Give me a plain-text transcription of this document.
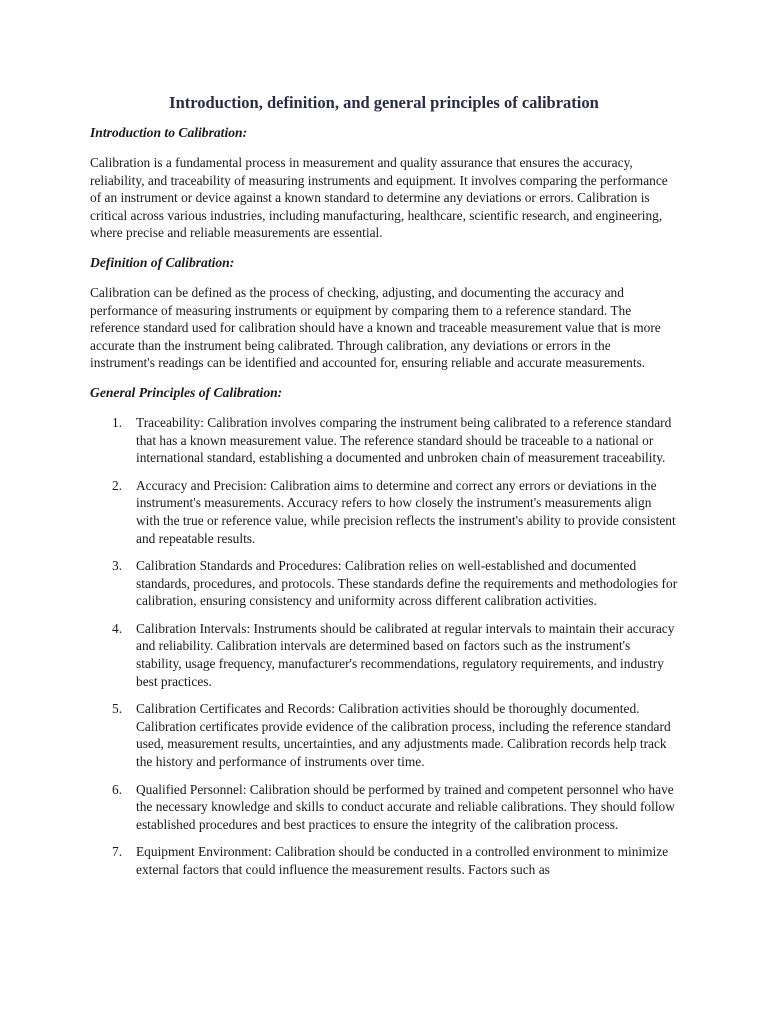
Introduction, definition, and general principles of calibration
Introduction to Calibration:

Calibration is a fundamental process in measurement and quality assurance that ensures the accuracy, reliability, and traceability of measuring instruments and equipment. It involves comparing the performance of an instrument or device against a known standard to determine any deviations or errors. Calibration is critical across various industries, including manufacturing, healthcare, scientific research, and engineering, where precise and reliable measurements are essential.

Definition of Calibration:

Calibration can be defined as the process of checking, adjusting, and documenting the accuracy and performance of measuring instruments or equipment by comparing them to a reference standard. The reference standard used for calibration should have a known and traceable measurement value that is more accurate than the instrument being calibrated. Through calibration, any deviations or errors in the instrument's readings can be identified and accounted for, ensuring reliable and accurate measurements.

General Principles of Calibration:
1. Traceability: Calibration involves comparing the instrument being calibrated to a reference standard that has a known measurement value. The reference standard should be traceable to a national or international standard, establishing a documented and unbroken chain of measurement traceability.
2. Accuracy and Precision: Calibration aims to determine and correct any errors or deviations in the instrument's measurements. Accuracy refers to how closely the instrument's measurements align with the true or reference value, while precision reflects the instrument's ability to provide consistent and repeatable results.
3. Calibration Standards and Procedures: Calibration relies on well-established and documented standards, procedures, and protocols. These standards define the requirements and methodologies for calibration, ensuring consistency and uniformity across different calibration activities.
4. Calibration Intervals: Instruments should be calibrated at regular intervals to maintain their accuracy and reliability. Calibration intervals are determined based on factors such as the instrument's stability, usage frequency, manufacturer's recommendations, regulatory requirements, and industry best practices.
5. Calibration Certificates and Records: Calibration activities should be thoroughly documented. Calibration certificates provide evidence of the calibration process, including the reference standard used, measurement results, uncertainties, and any adjustments made. Calibration records help track the history and performance of instruments over time.
6. Qualified Personnel: Calibration should be performed by trained and competent personnel who have the necessary knowledge and skills to conduct accurate and reliable calibrations. They should follow established procedures and best practices to ensure the integrity of the calibration process.
7. Equipment Environment: Calibration should be conducted in a controlled environment to minimize external factors that could influence the measurement results. Factors such as
